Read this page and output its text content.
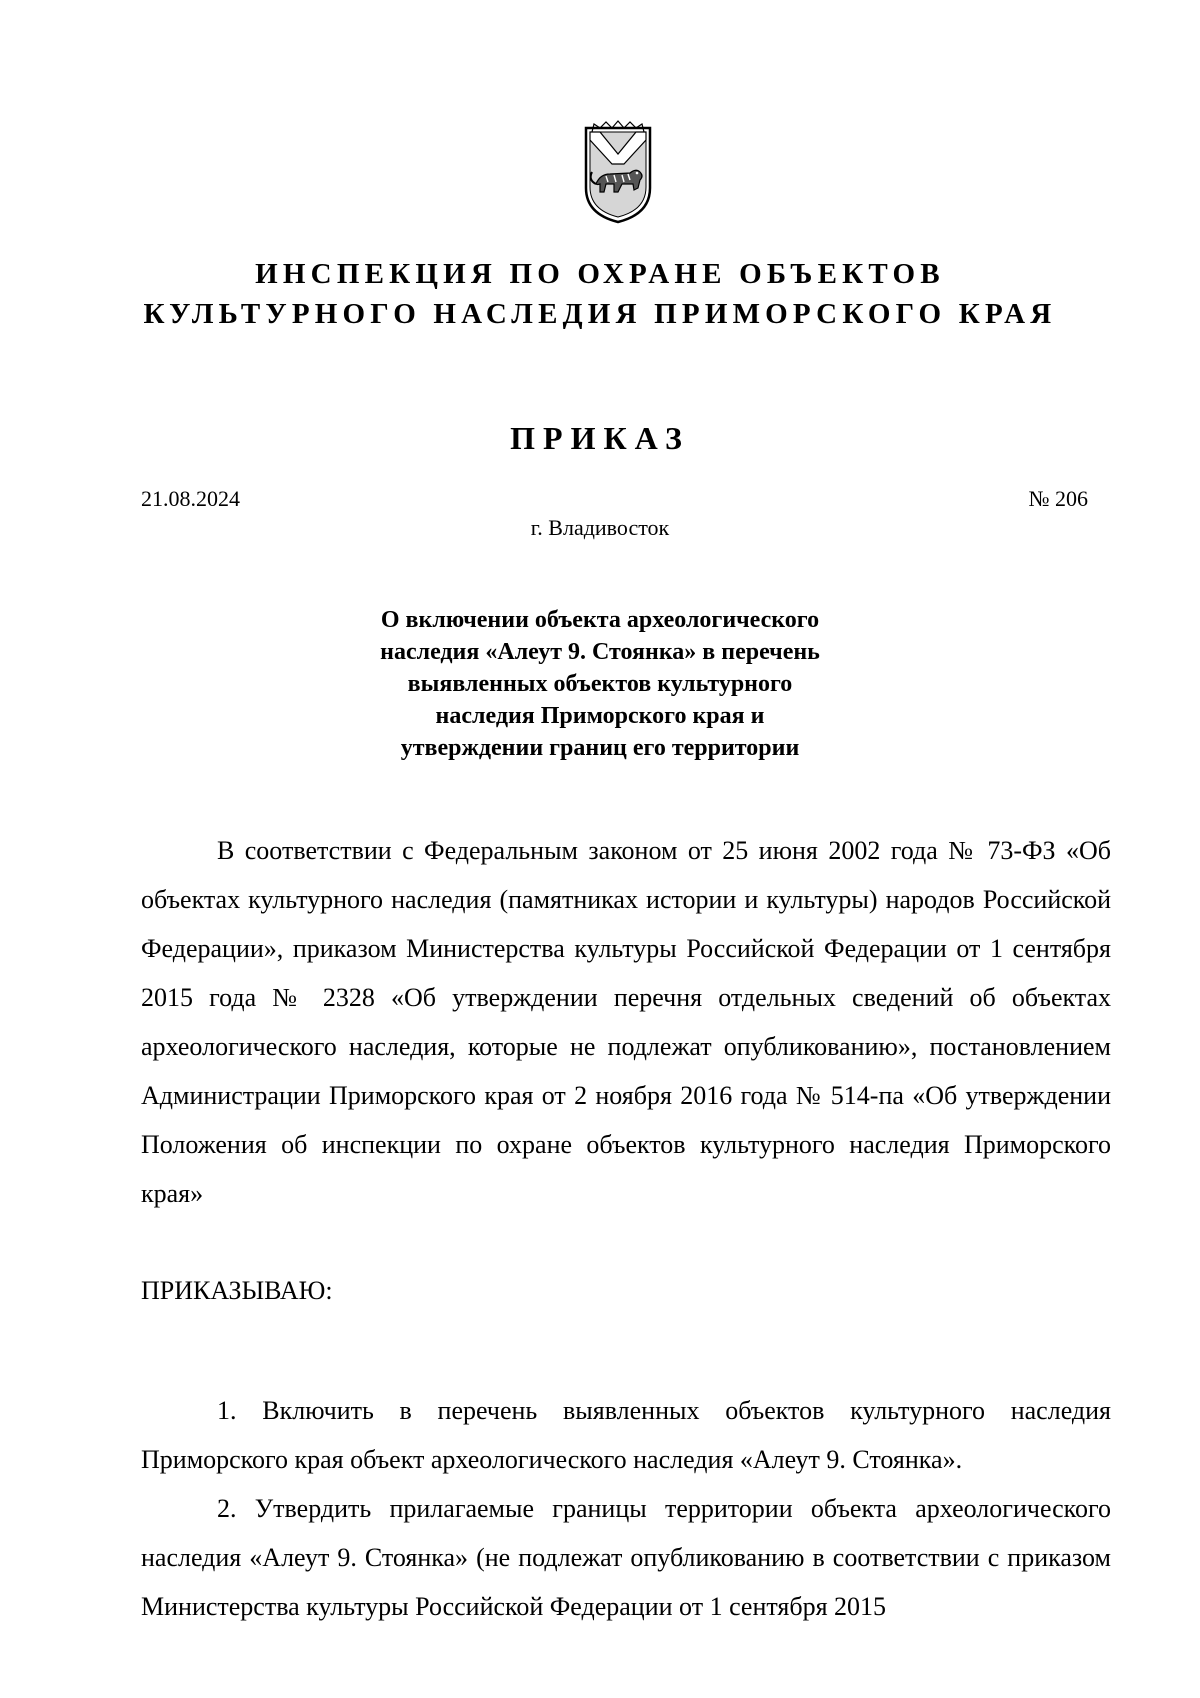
ИНСПЕКЦИЯ ПО ОХРАНЕ ОБЪЕКТОВ
КУЛЬТУРНОГО НАСЛЕДИЯ ПРИМОРСКОГО КРАЯ
ПРИКАЗ
21.08.2024	№ 206
г. Владивосток
О включении объекта археологического
наследия «Алеут 9. Стоянка» в перечень
выявленных объектов культурного
наследия Приморского края и
утверждении границ его территории

В соответствии с Федеральным законом от 25 июня 2002 года № 73-ФЗ «Об объектах культурного наследия (памятниках истории и культуры) народов Российской Федерации», приказом Министерства культуры Российской Федерации от 1 сентября 2015 года № 2328 «Об утверждении перечня отдельных сведений об объектах археологического наследия, которые не подлежат опубликованию», постановлением Администрации Приморского края от 2 ноября 2016 года № 514-па «Об утверждении Положения об инспекции по охране объектов культурного наследия Приморского края»

ПРИКАЗЫВАЮ:

1. Включить в перечень выявленных объектов культурного наследия Приморского края объект археологического наследия «Алеут 9. Стоянка».

2. Утвердить прилагаемые границы территории объекта археологического наследия «Алеут 9. Стоянка» (не подлежат опубликованию в соответствии с приказом Министерства культуры Российской Федерации от 1 сентября 2015
